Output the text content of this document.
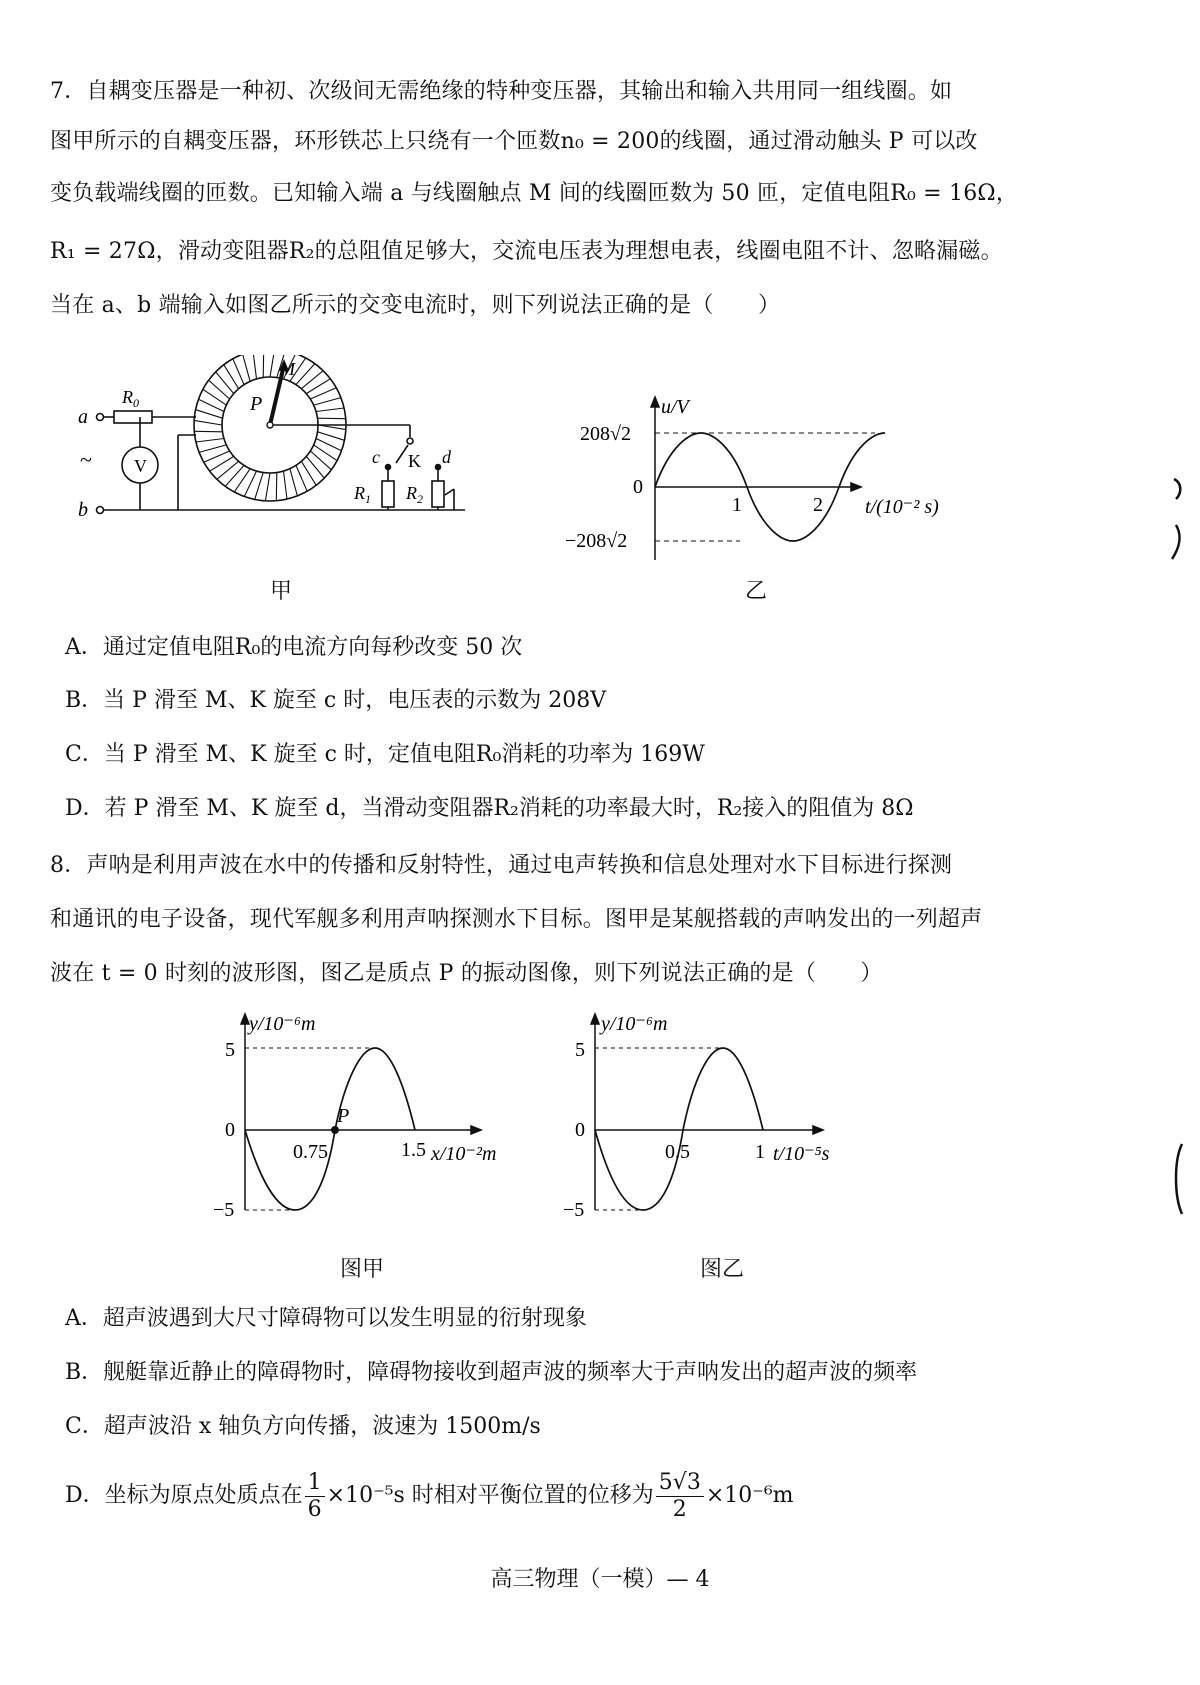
7．自耦变压器是一种初、次级间无需绝缘的特种变压器，其输出和输入共用同一组线圈。如
图甲所示的自耦变压器，环形铁芯上只绕有一个匝数n₀ = 200的线圈，通过滑动触头 P 可以改
变负载端线圈的匝数。已知输入端 a 与线圈触点 M 间的线圈匝数为 50 匝，定值电阻R₀ = 16Ω，
R₁ = 27Ω，滑动变阻器R₂的总阻值足够大，交流电压表为理想电表，线圈电阻不计、忽略漏磁。
当在 a、b 端输入如图乙所示的交变电流时，则下列说法正确的是（　　）
a
b
~
$R_0$
V
M
P
c K d
$R_1$ $R_2$
甲
u/V
208√2
0
−208√2
1	2 t/(10⁻² s)
乙
A．通过定值电阻R₀的电流方向每秒改变 50 次
B．当 P 滑至 M、K 旋至 c 时，电压表的示数为 208V
C．当 P 滑至 M、K 旋至 c 时，定值电阻R₀消耗的功率为 169W
D．若 P 滑至 M、K 旋至 d，当滑动变阻器R₂消耗的功率最大时，R₂接入的阻值为 8Ω
8．声呐是利用声波在水中的传播和反射特性，通过电声转换和信息处理对水下目标进行探测
和通讯的电子设备，现代军舰多利用声呐探测水下目标。图甲是某舰搭载的声呐发出的一列超声
波在 t = 0 时刻的波形图，图乙是质点 P 的振动图像，则下列说法正确的是（　　）
y/10⁻⁶m
5
0
−5
0.75	1.5 x/10⁻²m
P
图甲
y/10⁻⁶m
5
0
−5
0.5	1 t/10⁻⁵s
图乙
A．超声波遇到大尺寸障碍物可以发生明显的衍射现象
B．舰艇靠近静止的障碍物时，障碍物接收到超声波的频率大于声呐发出的超声波的频率
C．超声波沿 x 轴负方向传播，波速为 1500m/s
D．坐标为原点处质点在 $\frac{1}{6} \times 10^{-5}s$ 时相对平衡位置的位移为 $\frac{5√3}{2} \times 10^{-6}m$
高三物理（一模）— 4
